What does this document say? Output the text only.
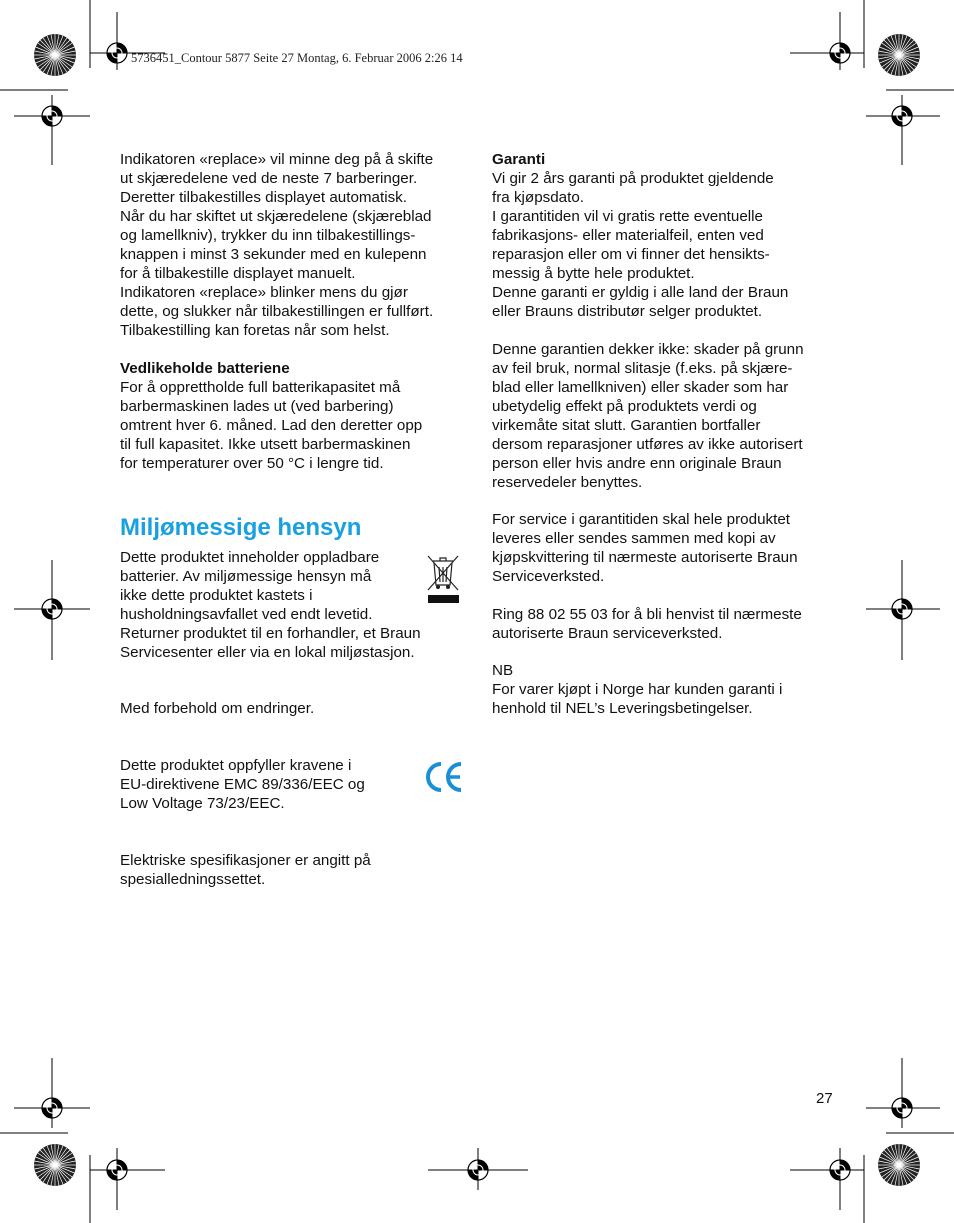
5736451_Contour 5877 Seite 27 Montag, 6. Februar 2006 2:26 14

Indikatoren «replace» vil minne deg på å skifte
ut skjæredelene ved de neste 7 barberinger.
Deretter tilbakestilles displayet automatisk.
Når du har skiftet ut skjæredelene (skjæreblad
og lamellkniv), trykker du inn tilbakestillings-
knappen i minst 3 sekunder med en kulepenn
for å tilbakestille displayet manuelt.
Indikatoren «replace» blinker mens du gjør
dette, og slukker når tilbakestillingen er fullført.
Tilbakestilling kan foretas når som helst.

Vedlikeholde batteriene

For å opprettholde full batterikapasitet må
barbermaskinen lades ut (ved barbering)
omtrent hver 6. måned. Lad den deretter opp
til full kapasitet. Ikke utsett barbermaskinen
for temperaturer over 50 °C i lengre tid.

Miljømessige hensyn
Dette produktet inneholder oppladbare
batterier. Av miljømessige hensyn må
ikke dette produktet kastets i
husholdningsavfallet ved endt levetid.
Returner produktet til en forhandler, et Braun
Servicesenter eller via en lokal miljøstasjon.
Med forbehold om endringer.
Dette produktet oppfyller kravene i
EU-direktivene EMC 89/336/EEC og
Low Voltage 73/23/EEC.
Elektriske spesifikasjoner er angitt på
spesialledningssettet.
Garanti
Vi gir 2 års garanti på produktet gjeldende
fra kjøpsdato.
I garantitiden vil vi gratis rette eventuelle
fabrikasjons- eller materialfeil, enten ved
reparasjon eller om vi finner det hensikts-
messig å bytte hele produktet.
Denne garanti er gyldig i alle land der Braun
eller Brauns distributør selger produktet.
Denne garantien dekker ikke: skader på grunn
av feil bruk, normal slitasje (f.eks. på skjære-
blad eller lamellkniven) eller skader som har
ubetydelig effekt på produktets verdi og
virkemåte sitat slutt. Garantien bortfaller
dersom reparasjoner utføres av ikke autorisert
person eller hvis andre enn originale Braun
reservedeler benyttes.
For service i garantitiden skal hele produktet
leveres eller sendes sammen med kopi av
kjøpskvittering til nærmeste autoriserte Braun
Serviceverksted.
Ring 88 02 55 03 for å bli henvist til nærmeste
autoriserte Braun serviceverksted.
NB
For varer kjøpt i Norge har kunden garanti i
henhold til NEL’s Leveringsbetingelser.
27
